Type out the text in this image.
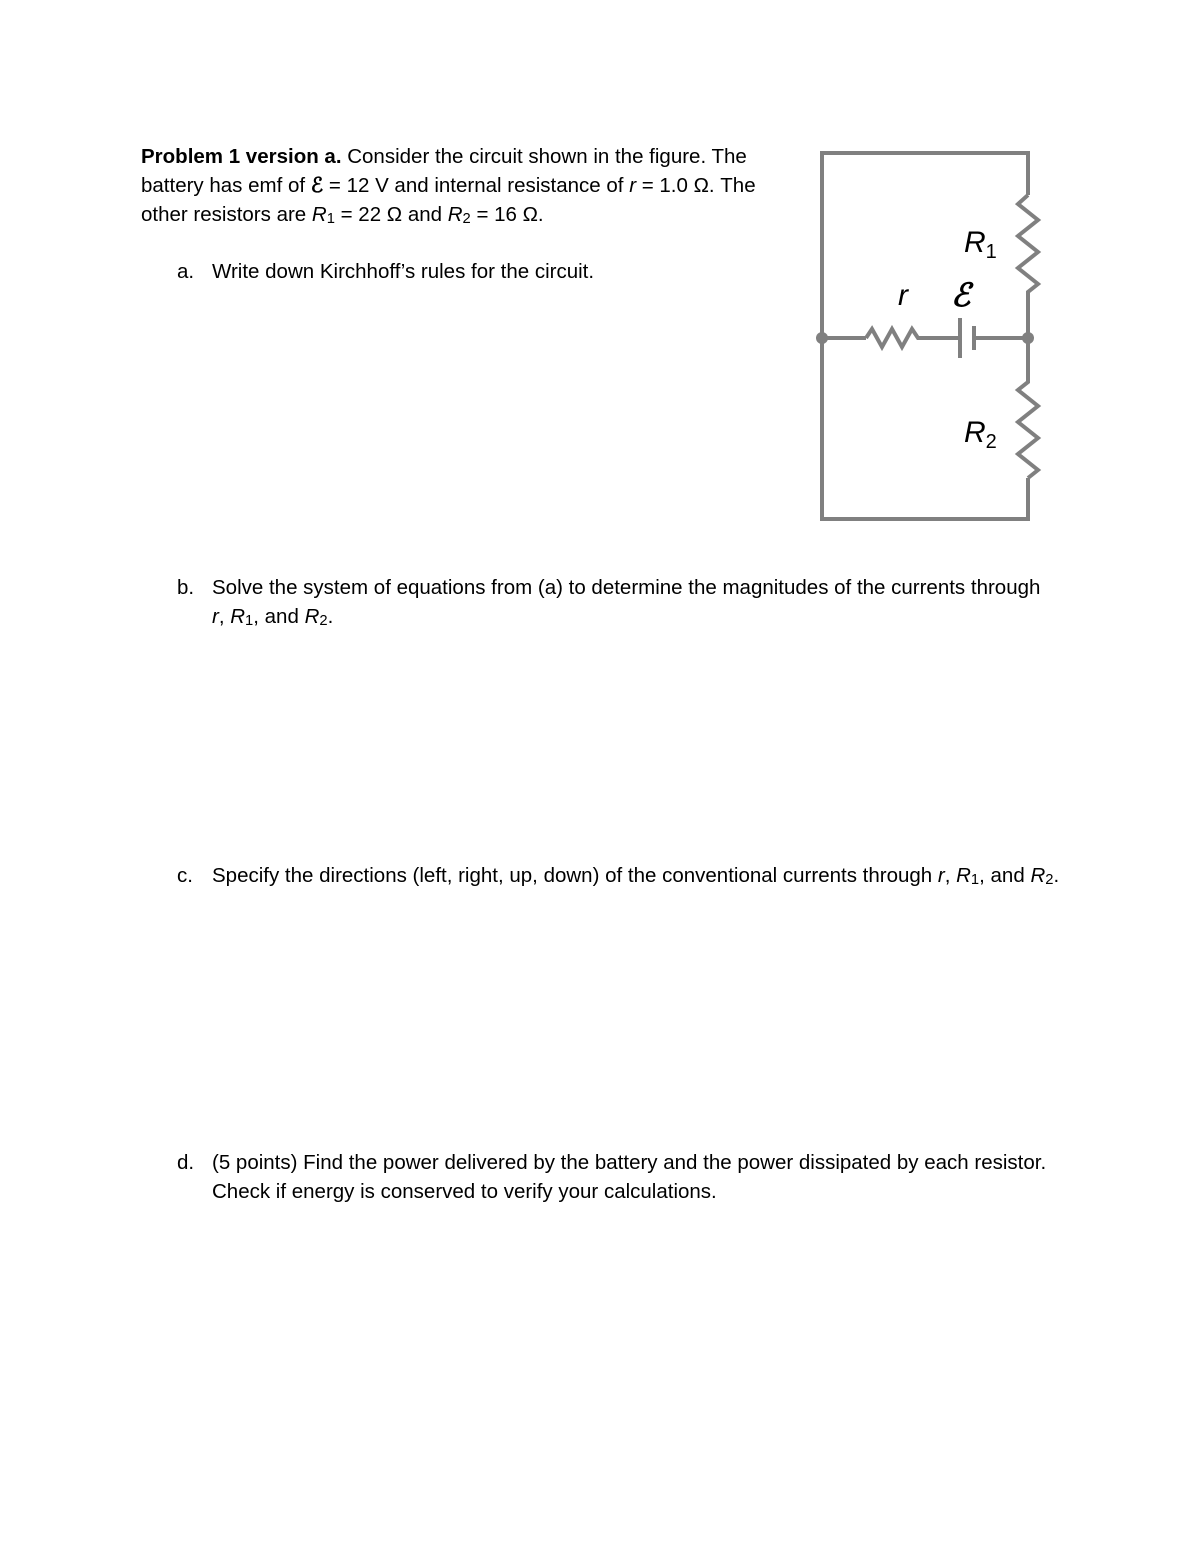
Problem 1 version a. Consider the circuit shown in the figure. The battery has emf of ℰ = 12 V and internal resistance of r = 1.0 Ω. The other resistors are $R_1 = 22$ Ω and $R_2 = 16$ Ω.
a. Write down Kirchhoff’s rules for the circuit.
b. Solve the system of equations from (a) to determine the magnitudes of the currents through r, $R_1$, and $R_2$.
c. Specify the directions (left, right, up, down) of the conventional currents through r, $R_1$, and $R_2$.
d. (5 points) Find the power delivered by the battery and the power dissipated by each resistor. Check if energy is conserved to verify your calculations.
$R_1$
$R_2$
r ℰ
